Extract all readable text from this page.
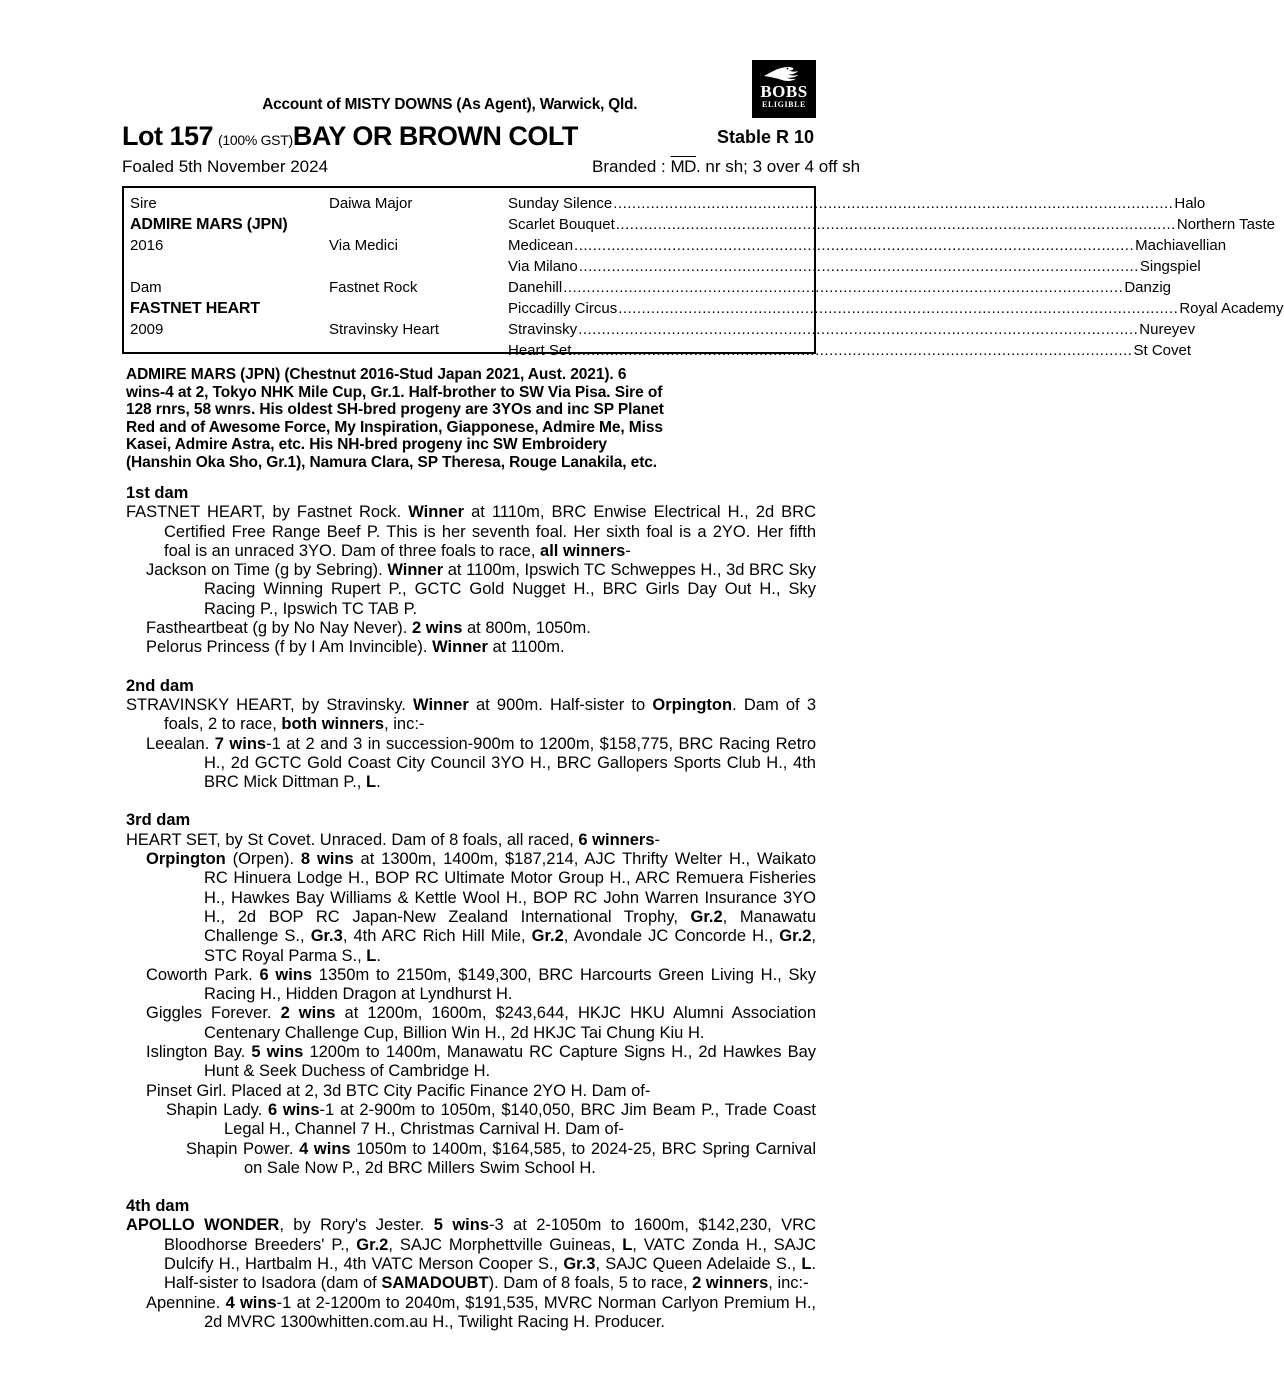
BOBS
ELIGIBLE
Account of MISTY DOWNS (As Agent), Warwick, Qld.
Lot 157 (100% GST) BAY OR BROWN COLT	Stable R 10
Foaled 5th November 2024	Branded : $\overline{MD}$. nr sh; 3 over 4 off sh
Sire
ADMIRE MARS (JPN)
2016
Dam
FASTNET HEART
2009
Daiwa Major
Via Medici
Fastnet Rock
Stravinsky Heart
Sunday Silence ........................................................................................................................ Halo
Scarlet Bouquet ........................................................................................................................ Northern Taste
Medicean ........................................................................................................................ Machiavellian
Via Milano ........................................................................................................................ Singspiel
Danehill ........................................................................................................................ Danzig
Piccadilly Circus ........................................................................................................................ Royal Academy
Stravinsky ........................................................................................................................ Nureyev
Heart Set ........................................................................................................................ St Covet
ADMIRE MARS (JPN) (Chestnut 2016-Stud Japan 2021, Aust. 2021). 6
wins-4 at 2, Tokyo NHK Mile Cup, Gr.1. Half-brother to SW Via Pisa. Sire of
128 rnrs, 58 wnrs. His oldest SH-bred progeny are 3YOs and inc SP Planet
Red and of Awesome Force, My Inspiration, Giapponese, Admire Me, Miss
Kasei, Admire Astra, etc. His NH-bred progeny inc SW Embroidery
(Hanshin Oka Sho, Gr.1), Namura Clara, SP Theresa, Rouge Lanakila, etc.
1st dam
FASTNET HEART, by Fastnet Rock. Winner at 1110m, BRC Enwise Electrical H., 2d BRC Certified Free Range Beef P. This is her seventh foal. Her sixth foal is a 2YO. Her fifth foal is an unraced 3YO. Dam of three foals to race, all winners-
Jackson on Time (g by Sebring). Winner at 1100m, Ipswich TC Schweppes H., 3d BRC Sky Racing Winning Rupert P., GCTC Gold Nugget H., BRC Girls Day Out H., Sky Racing P., Ipswich TC TAB P.
Fastheartbeat (g by No Nay Never). 2 wins at 800m, 1050m.
Pelorus Princess (f by I Am Invincible). Winner at 1100m.
2nd dam
STRAVINSKY HEART, by Stravinsky. Winner at 900m. Half-sister to Orpington. Dam of 3 foals, 2 to race, both winners, inc:-
Leealan. 7 wins-1 at 2 and 3 in succession-900m to 1200m, $158,775, BRC Racing Retro H., 2d GCTC Gold Coast City Council 3YO H., BRC Gallopers Sports Club H., 4th BRC Mick Dittman P., L.
3rd dam
HEART SET, by St Covet. Unraced. Dam of 8 foals, all raced, 6 winners-
Orpington (Orpen). 8 wins at 1300m, 1400m, $187,214, AJC Thrifty Welter H., Waikato RC Hinuera Lodge H., BOP RC Ultimate Motor Group H., ARC Remuera Fisheries H., Hawkes Bay Williams & Kettle Wool H., BOP RC John Warren Insurance 3YO H., 2d BOP RC Japan-New Zealand International Trophy, Gr.2, Manawatu Challenge S., Gr.3, 4th ARC Rich Hill Mile, Gr.2, Avondale JC Concorde H., Gr.2, STC Royal Parma S., L.
Coworth Park. 6 wins 1350m to 2150m, $149,300, BRC Harcourts Green Living H., Sky Racing H., Hidden Dragon at Lyndhurst H.
Giggles Forever. 2 wins at 1200m, 1600m, $243,644, HKJC HKU Alumni Association Centenary Challenge Cup, Billion Win H., 2d HKJC Tai Chung Kiu H.
Islington Bay. 5 wins 1200m to 1400m, Manawatu RC Capture Signs H., 2d Hawkes Bay Hunt & Seek Duchess of Cambridge H.
Pinset Girl. Placed at 2, 3d BTC City Pacific Finance 2YO H. Dam of-
Shapin Lady. 6 wins-1 at 2-900m to 1050m, $140,050, BRC Jim Beam P., Trade Coast Legal H., Channel 7 H., Christmas Carnival H. Dam of-
Shapin Power. 4 wins 1050m to 1400m, $164,585, to 2024-25, BRC Spring Carnival on Sale Now P., 2d BRC Millers Swim School H.
4th dam
APOLLO WONDER, by Rory's Jester. 5 wins-3 at 2-1050m to 1600m, $142,230, VRC Bloodhorse Breeders' P., Gr.2, SAJC Morphettville Guineas, L, VATC Zonda H., SAJC Dulcify H., Hartbalm H., 4th VATC Merson Cooper S., Gr.3, SAJC Queen Adelaide S., L. Half-sister to Isadora (dam of SAMADOUBT). Dam of 8 foals, 5 to race, 2 winners, inc:-
Apennine. 4 wins-1 at 2-1200m to 2040m, $191,535, MVRC Norman Carlyon Premium H., 2d MVRC 1300whitten.com.au H., Twilight Racing H. Producer.
